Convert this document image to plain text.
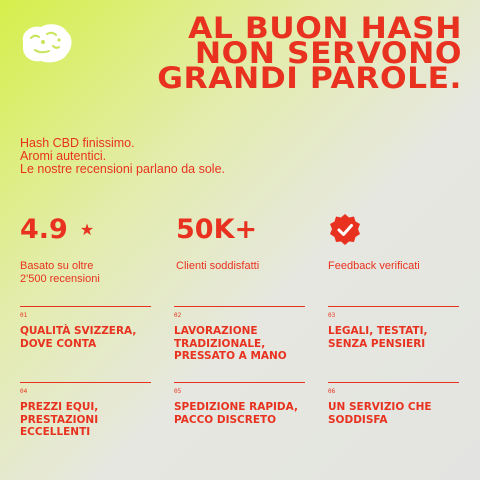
AL BUON HASH
NON SERVONO
GRANDI PAROLE.
Hash CBD finissimo.
Aromi autentici.
Le nostre recensioni parlano da sole.
4.9 ★
Basato su oltre
2'500 recensioni
50K+
Clienti soddisfatti	Feedback verificati
01
QUALITÀ SVIZZERA,
DOVE CONTA
02
LAVORAZIONE
TRADIZIONALE,
PRESSATO A MANO
03
LEGALI, TESTATI,
SENZA PENSIERI
04
PREZZI EQUI,
PRESTAZIONI
ECCELLENTI
05
SPEDIZIONE RAPIDA,
PACCO DISCRETO
06
UN SERVIZIO CHE
SODDISFA
